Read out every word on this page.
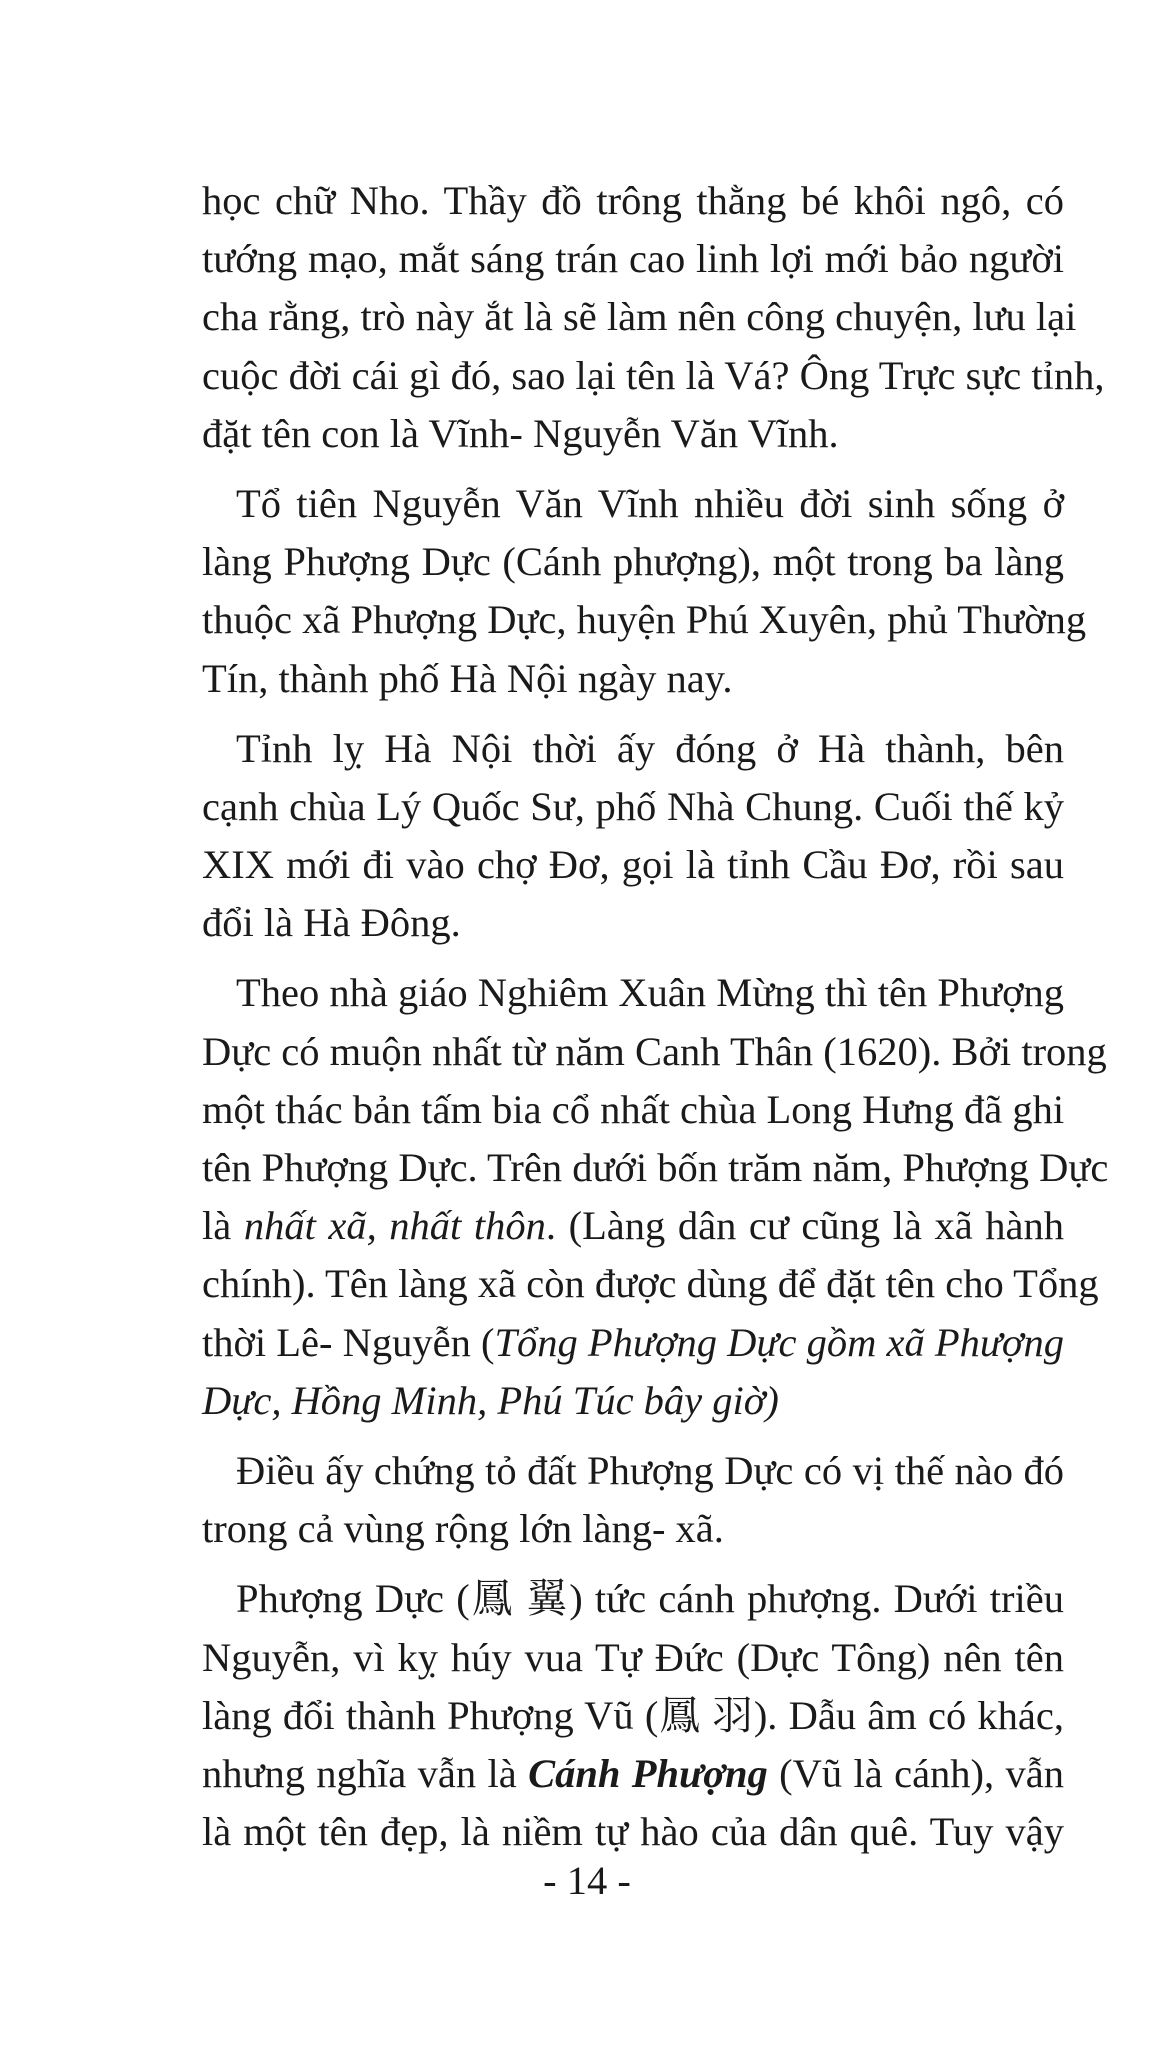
học chữ Nho. Thầy đồ trông thằng bé khôi ngô, có
tướng mạo, mắt sáng trán cao linh lợi mới bảo người
cha rằng, trò này ắt là sẽ làm nên công chuyện, lưu lại
cuộc đời cái gì đó, sao lại tên là Vá? Ông Trực sực tỉnh,
đặt tên con là Vĩnh- Nguyễn Văn Vĩnh.
Tổ tiên Nguyễn Văn Vĩnh nhiều đời sinh sống ở
làng Phượng Dực (Cánh phượng), một trong ba làng
thuộc xã Phượng Dực, huyện Phú Xuyên, phủ Thường
Tín, thành phố Hà Nội ngày nay.
Tỉnh lỵ Hà Nội thời ấy đóng ở Hà thành, bên
cạnh chùa Lý Quốc Sư, phố Nhà Chung. Cuối thế kỷ
XIX mới đi vào chợ Đơ, gọi là tỉnh Cầu Đơ, rồi sau
đổi là Hà Đông.
Theo nhà giáo Nghiêm Xuân Mừng thì tên Phượng
Dực có muộn nhất từ năm Canh Thân (1620). Bởi trong
một thác bản tấm bia cổ nhất chùa Long Hưng đã ghi
tên Phượng Dực. Trên dưới bốn trăm năm, Phượng Dực
là nhất xã, nhất thôn. (Làng dân cư cũng là xã hành
chính). Tên làng xã còn được dùng để đặt tên cho Tổng
thời Lê- Nguyễn (Tổng Phượng Dực gồm xã Phượng
Dực, Hồng Minh, Phú Túc bây giờ)
Điều ấy chứng tỏ đất Phượng Dực có vị thế nào đó
trong cả vùng rộng lớn làng- xã.
Phượng Dực (鳳 翼) tức cánh phượng. Dưới triều
Nguyễn, vì kỵ húy vua Tự Đức (Dực Tông) nên tên
làng đổi thành Phượng Vũ (鳳 羽). Dẫu âm có khác,
nhưng nghĩa vẫn là Cánh Phượng (Vũ là cánh), vẫn
là một tên đẹp, là niềm tự hào của dân quê. Tuy vậy
- 14 -
